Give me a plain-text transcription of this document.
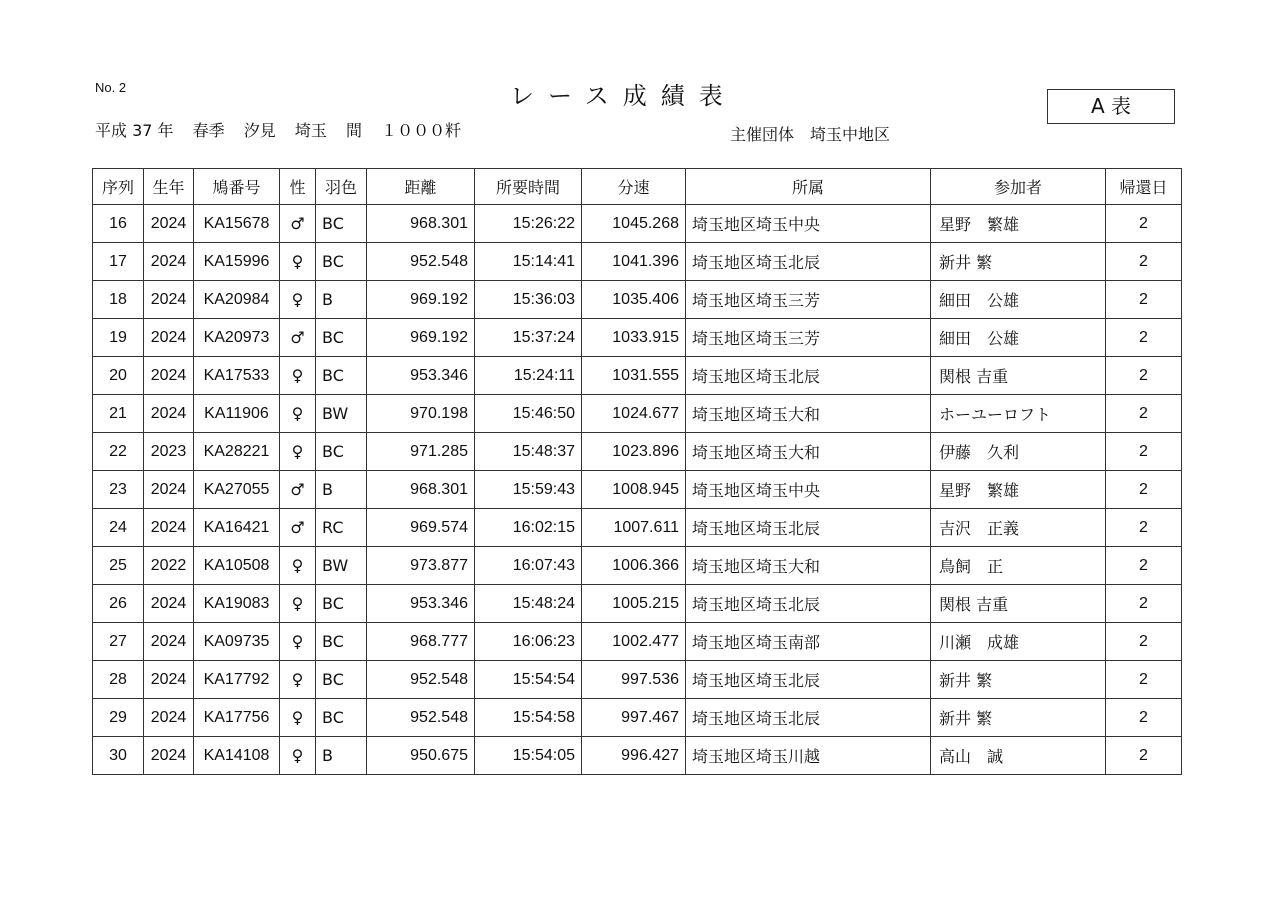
No. 2	レース成績表	A 表
平成 37 年 春季 汐見 埼玉 間 １０００粁	主催団体 埼玉中地区
序列	生年	鳩番号	性	羽色	距離	所要時間	分速	所属	参加者	帰還日
16	2024	KA15678	♂	BC	968.301	15:26:22	1045.268	埼玉地区埼玉中央	星野　繁雄	2
17	2024	KA15996	♀	BC	952.548	15:14:41	1041.396	埼玉地区埼玉北辰	新井 繁	2
18	2024	KA20984	♀	B	969.192	15:36:03	1035.406	埼玉地区埼玉三芳	細田　公雄	2
19	2024	KA20973	♂	BC	969.192	15:37:24	1033.915	埼玉地区埼玉三芳	細田　公雄	2
20	2024	KA17533	♀	BC	953.346	15:24:11	1031.555	埼玉地区埼玉北辰	関根 吉重	2
21	2024	KA11906	♀	BW	970.198	15:46:50	1024.677	埼玉地区埼玉大和	ホーユーロフト	2
22	2023	KA28221	♀	BC	971.285	15:48:37	1023.896	埼玉地区埼玉大和	伊藤　久利	2
23	2024	KA27055	♂	B	968.301	15:59:43	1008.945	埼玉地区埼玉中央	星野　繁雄	2
24	2024	KA16421	♂	RC	969.574	16:02:15	1007.611	埼玉地区埼玉北辰	吉沢　正義	2
25	2022	KA10508	♀	BW	973.877	16:07:43	1006.366	埼玉地区埼玉大和	鳥飼　正	2
26	2024	KA19083	♀	BC	953.346	15:48:24	1005.215	埼玉地区埼玉北辰	関根 吉重	2
27	2024	KA09735	♀	BC	968.777	16:06:23	1002.477	埼玉地区埼玉南部	川瀬　成雄	2
28	2024	KA17792	♀	BC	952.548	15:54:54	997.536	埼玉地区埼玉北辰	新井 繁	2
29	2024	KA17756	♀	BC	952.548	15:54:58	997.467	埼玉地区埼玉北辰	新井 繁	2
30	2024	KA14108	♀	B	950.675	15:54:05	996.427	埼玉地区埼玉川越	高山　誠	2
